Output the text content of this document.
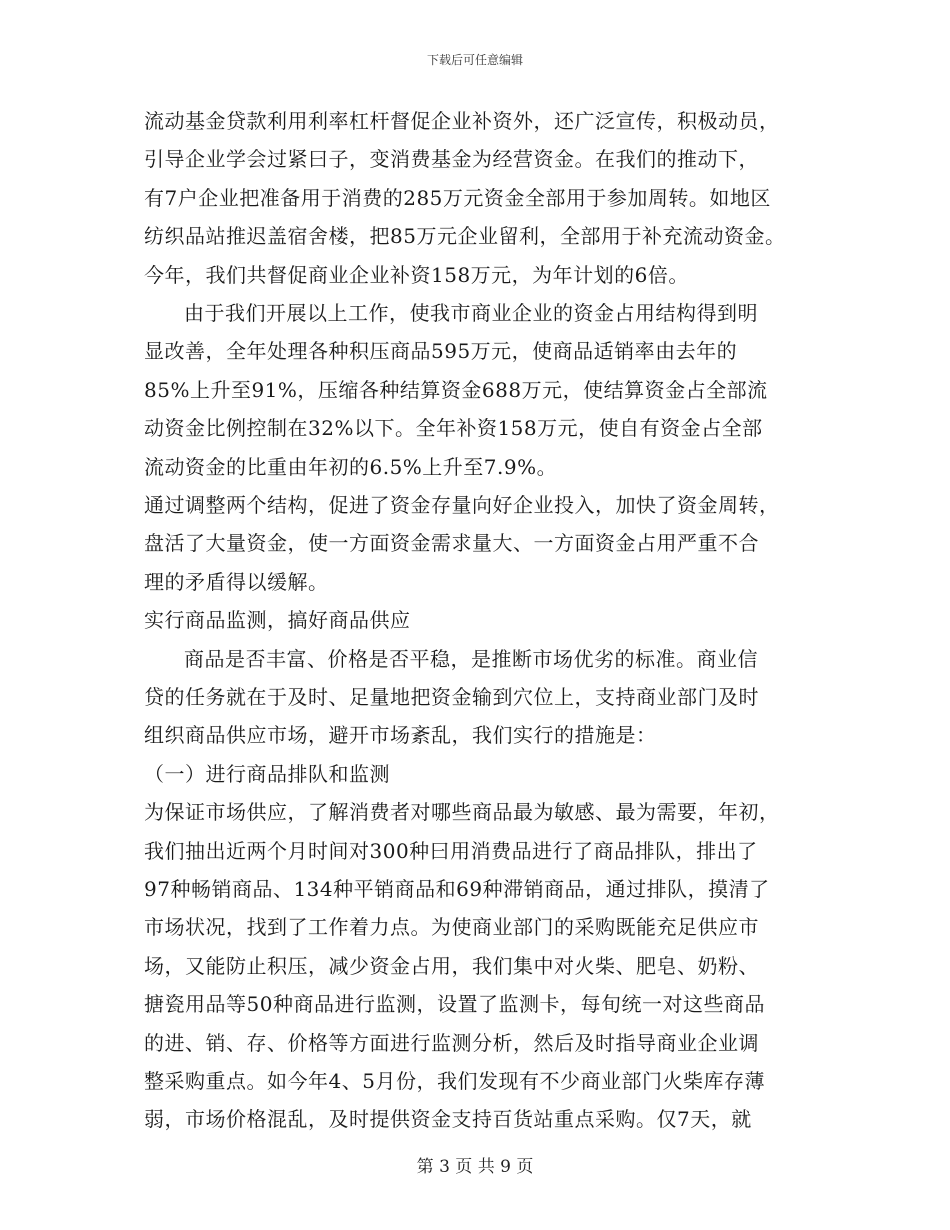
下载后可任意编辑
流动基金贷款利用利率杠杆督促企业补资外，还广泛宣传，积极动员，
引导企业学会过紧曰子，变消费基金为经营资金。在我们的推动下，
有7户企业把准备用于消费的285万元资金全部用于参加周转。如地区
纺织品站推迟盖宿舍楼，把85万元企业留利，全部用于补充流动资金。
今年，我们共督促商业企业补资158万元，为年计划的6倍。
由于我们开展以上工作，使我市商业企业的资金占用结构得到明
显改善，全年处理各种积压商品595万元，使商品适销率由去年的
85%上升至91%，压缩各种结算资金688万元，使结算资金占全部流
动资金比例控制在32%以下。全年补资158万元，使自有资金占全部
流动资金的比重由年初的6.5%上升至7.9%。
通过调整两个结构，促进了资金存量向好企业投入，加快了资金周转，
盘活了大量资金，使一方面资金需求量大、一方面资金占用严重不合
理的矛盾得以缓解。
实行商品监测，搞好商品供应
商品是否丰富、价格是否平稳，是推断市场优劣的标准。商业信
贷的任务就在于及时、足量地把资金输到穴位上，支持商业部门及时
组织商品供应市场，避开市场紊乱，我们实行的措施是：
（一）进行商品排队和监测
为保证市场供应，了解消费者对哪些商品最为敏感、最为需要，年初，
我们抽出近两个月时间对300种曰用消费品进行了商品排队，排出了
97种畅销商品、134种平销商品和69种滞销商品，通过排队，摸清了
市场状况，找到了工作着力点。为使商业部门的采购既能充足供应市
场，又能防止积压，减少资金占用，我们集中对火柴、肥皂、奶粉、
搪瓷用品等50种商品进行监测，设置了监测卡，每旬统一对这些商品
的进、销、存、价格等方面进行监测分析，然后及时指导商业企业调
整采购重点。如今年4、5月份，我们发现有不少商业部门火柴库存薄
弱，市场价格混乱，及时提供资金支持百货站重点采购。仅7天，就
第 3 页 共 9 页
